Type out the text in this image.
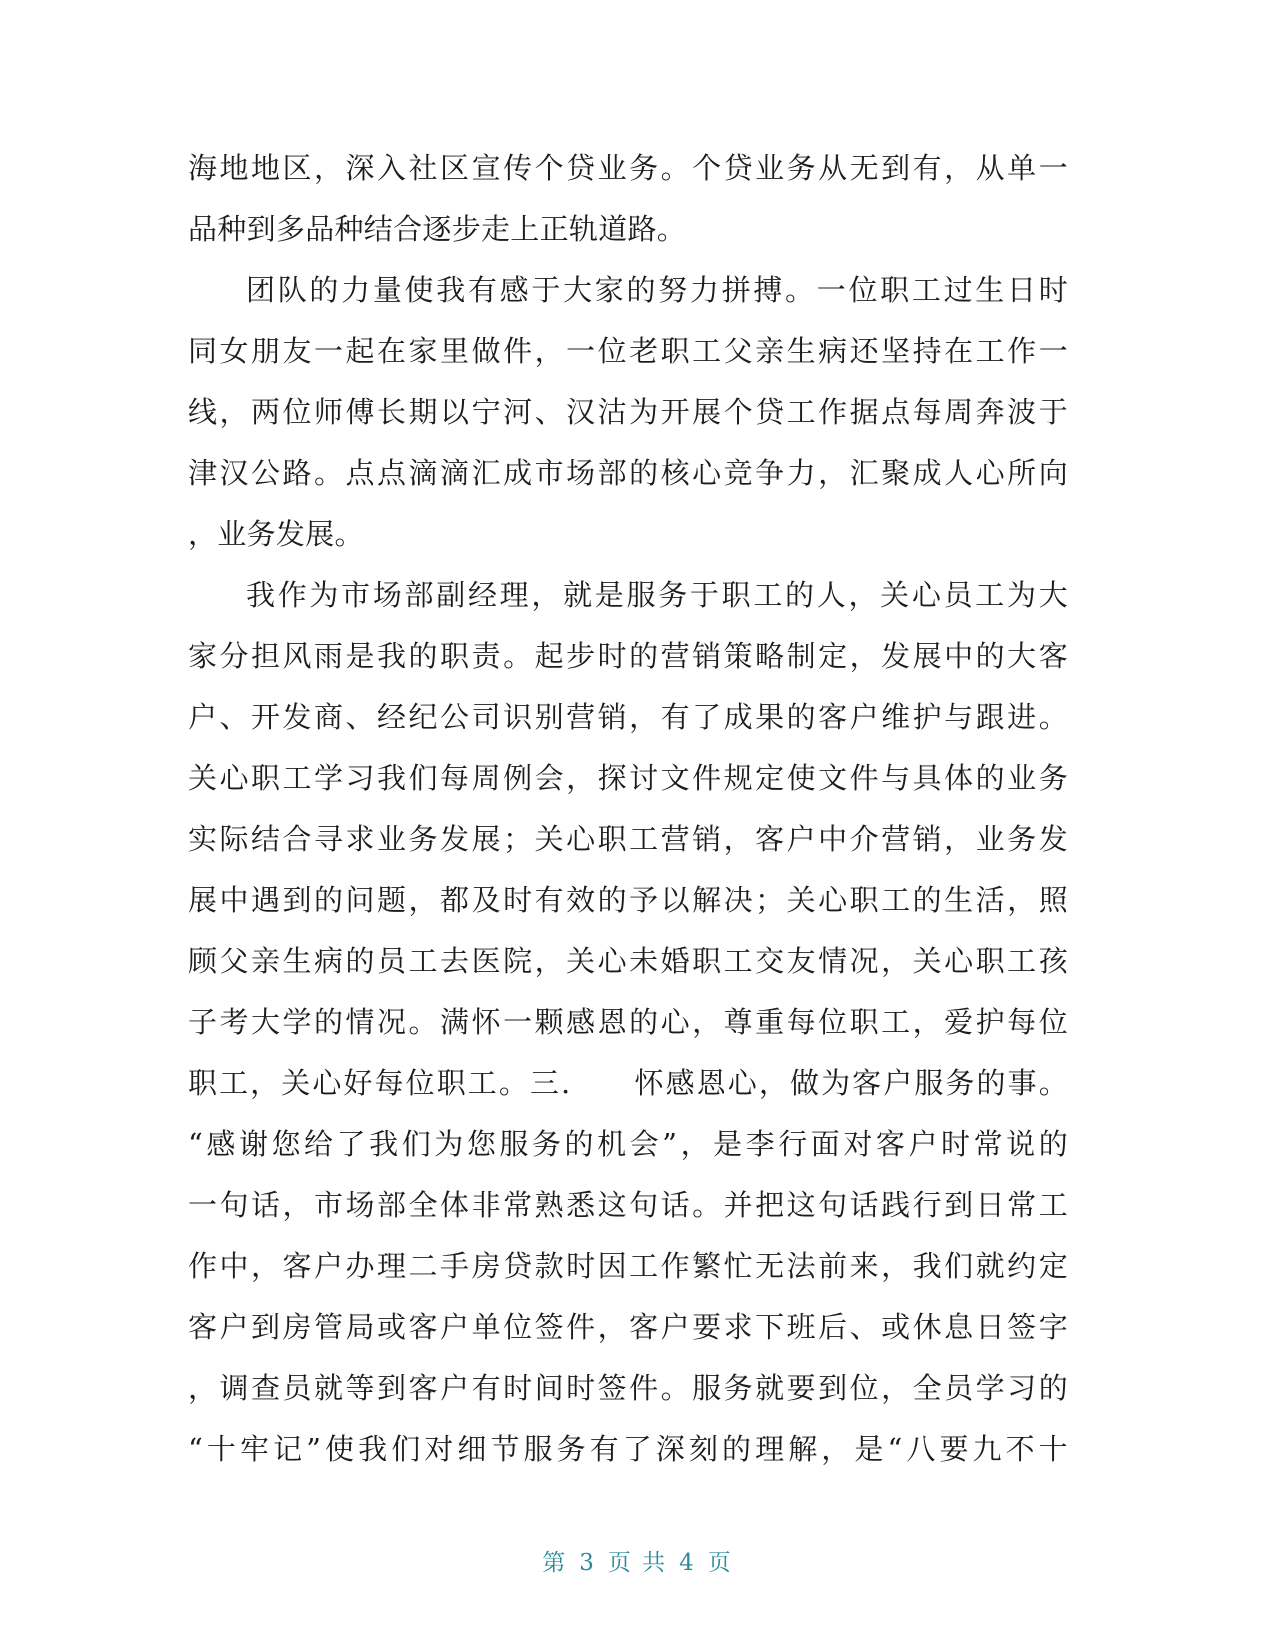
海地地区，深入社区宣传个贷业务。个贷业务从无到有，从单一
品种到多品种结合逐步走上正轨道路。
团队的力量使我有感于大家的努力拼搏。一位职工过生日时
同女朋友一起在家里做件，一位老职工父亲生病还坚持在工作一
线，两位师傅长期以宁河、汉沽为开展个贷工作据点每周奔波于
津汉公路。点点滴滴汇成市场部的核心竞争力，汇聚成人心所向
，业务发展。
我作为市场部副经理，就是服务于职工的人，关心员工为大
家分担风雨是我的职责。起步时的营销策略制定，发展中的大客
户、开发商、经纪公司识别营销，有了成果的客户维护与跟进。
关心职工学习我们每周例会，探讨文件规定使文件与具体的业务
实际结合寻求业务发展；关心职工营销，客户中介营销，业务发
展中遇到的问题，都及时有效的予以解决；关心职工的生活，照
顾父亲生病的员工去医院，关心未婚职工交友情况，关心职工孩
子考大学的情况。满怀一颗感恩的心，尊重每位职工，爱护每位
职工，关心好每位职工。三.　　怀感恩心，做为客户服务的事。
“感谢您给了我们为您服务的机会”，是李行面对客户时常说的
一句话，市场部全体非常熟悉这句话。并把这句话践行到日常工
作中，客户办理二手房贷款时因工作繁忙无法前来，我们就约定
客户到房管局或客户单位签件，客户要求下班后、或休息日签字
，调查员就等到客户有时间时签件。服务就要到位，全员学习的
“十牢记”使我们对细节服务有了深刻的理解，是“八要九不十
第 3 页 共 4 页
